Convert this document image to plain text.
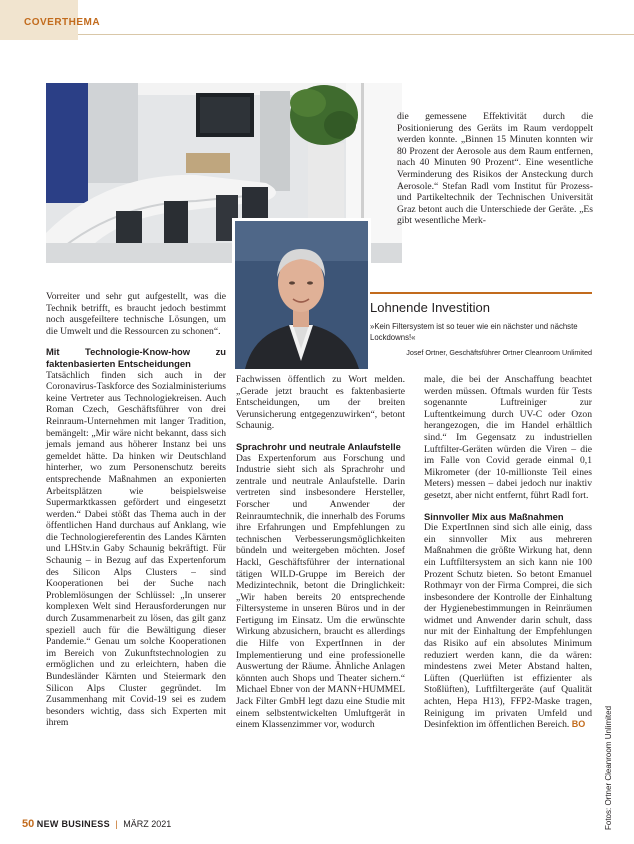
COVERTHEMA

die gemessene Effektivität durch die Positionierung des Geräts im Raum verdoppelt werden konnte. „Binnen 15 Minuten konnten wir 80 Prozent der Aerosole aus dem Raum entfernen, nach 40 Minuten 90 Prozent“. Eine wesentliche Verminderung des Risikos der Ansteckung durch Aerosole.“ Stefan Radl vom Institut für Prozess- und Partikeltechnik der Technischen Universität Graz betont auch die Unterschiede der Geräte. „Es gibt wesentliche Merk-

Lohnende Investition
»Kein Filtersystem ist so teuer wie ein nächster und nächste Lockdowns!«
Josef Ortner, Geschäftsführer Ortner Cleanroom Unlimited

Vorreiter und sehr gut aufgestellt, was die Technik betrifft, es braucht jedoch bestimmt noch ausgefeiltere technische Lösungen, um die Umwelt und die Ressourcen zu schonen“.

Mit Technologie-Know-how zu faktenbasierten Entscheidungen

Tatsächlich finden sich auch in der Coronavirus-Taskforce des Sozialministeriums keine Vertreter aus Technologiekreisen. Auch Roman Czech, Geschäftsführer von drei Reinraum-Unternehmen mit langer Tradition, bemängelt: „Mir wäre nicht bekannt, dass sich jemals jemand aus höherer Instanz bei uns gemeldet hätte. Da hinken wir Deutschland hinterher, wo zum Personenschutz bereits entsprechende Maßnahmen an exponierten Arbeitsplätzen wie beispielsweise Supermarktkassen gefördert und eingesetzt werden.“ Dabei stößt das Thema auch in der öffentlichen Hand durchaus auf Anklang, wie die Technologiereferentin des Landes Kärnten und LHStv.in Gaby Schaunig bekräftigt. Für Schaunig – in Bezug auf das Expertenforum des Silicon Alps Clusters – sind Kooperationen bei der Suche nach Problemlösungen der Schlüssel: „In unserer komplexen Welt sind Herausforderungen nur durch Zusammenarbeit zu lösen, das gilt ganz speziell auch für die Bewältigung dieser Pandemie.“ Genau um solche Kooperationen im Bereich von Zukunftstechnologien zu ermöglichen und zu erleichtern, haben die Bundesländer Kärnten und Steiermark den Silicon Alps Cluster gegründet. Im Zusammenhang mit Covid-19 sei es zudem besonders wichtig, dass sich Experten mit ihrem

Fachwissen öffentlich zu Wort melden. „Gerade jetzt braucht es faktenbasierte Entscheidungen, um der breiten Verunsicherung entgegenzuwirken“, betont Schaunig.

Sprachrohr und neutrale Anlaufstelle

Das Expertenforum aus Forschung und Industrie sieht sich als Sprachrohr und zentrale und neutrale Anlaufstelle. Darin vertreten sind insbesondere Hersteller, Forscher und Anwender der Reinraumtechnik, die innerhalb des Forums ihre Erfahrungen und Empfehlungen zu technischen Verbesserungsmöglichkeiten bündeln und weitergeben möchten. Josef Hackl, Geschäftsführer der international tätigen WILD-Gruppe im Bereich der Medizintechnik, betont die Dringlichkeit: „Wir haben bereits 20 entsprechende Filtersysteme in unseren Büros und in der Fertigung im Einsatz. Um die erwünschte Wirkung abzusichern, braucht es allerdings die Hilfe von ExpertInnen in der Implementierung und eine professionelle Auswertung der Räume. Ähnliche Anlagen könnten auch Shops und Theater sichern.“ Michael Ebner von der MANN+HUMMEL Jack Filter GmbH legt dazu eine Studie mit einem selbstentwickelten Umluftgerät in einem Klassenzimmer vor, wodurch

male, die bei der Anschaffung beachtet werden müssen. Oftmals wurden für Tests sogenannte Luftreiniger zur Luftentkeimung durch UV-C oder Ozon herangezogen, die im Handel erhältlich sind.“ Im Gegensatz zu industriellen Luftfilter-Geräten würden die Viren – die im Falle von Covid gerade einmal 0,1 Mikrometer (der 10-millionste Teil eines Meters) messen – dabei jedoch nur inaktiv gesetzt, aber nicht entfernt, führt Radl fort.

Sinnvoller Mix aus Maßnahmen

Die ExpertInnen sind sich alle einig, dass ein sinnvoller Mix aus mehreren Maßnahmen die größte Wirkung hat, denn ein Luftfiltersystem an sich kann nie 100 Prozent Schutz bieten. So betont Emanuel Rothmayr von der Firma Comprei, die sich insbesondere der Kontrolle der Einhaltung der Hygienebestimmungen in Reinräumen widmet und Anwender darin schult, dass nur mit der Einhaltung der Empfehlungen das Risiko auf ein absolutes Minimum reduziert werden kann, die da wären: mindestens zwei Meter Abstand halten, Lüften (Querlüften ist effizienter als Stoßlüften), Luftfiltergeräte (auf Qualität achten, Hepa H13), FFP2-Maske tragen, Reinigung im privaten Umfeld und Desinfektion im öffentlichen Bereich. BO	Fotos: Ortner Cleanroom Unlimited
50 NEW BUSINESS | MÄRZ 2021
